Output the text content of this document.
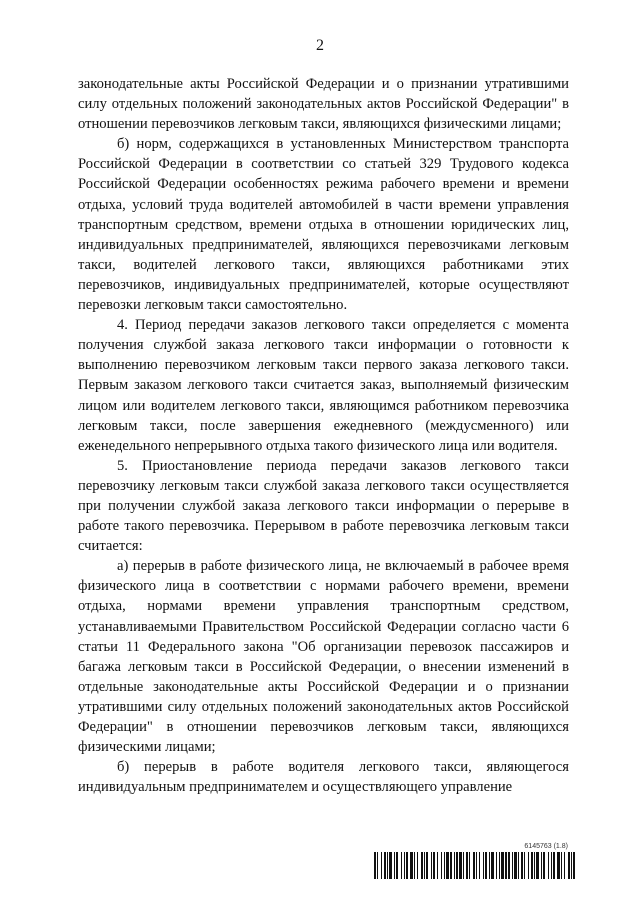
2

законодательные акты Российской Федерации и о признании утратившими силу отдельных положений законодательных актов Российской Федерации" в отношении перевозчиков легковым такси, являющихся физическими лицами;

б) норм, содержащихся в установленных Министерством транспорта Российской Федерации в соответствии со статьей 329 Трудового кодекса Российской Федерации особенностях режима рабочего времени и времени отдыха, условий труда водителей автомобилей в части времени управления транспортным средством, времени отдыха в отношении юридических лиц, индивидуальных предпринимателей, являющихся перевозчиками легковым такси, водителей легкового такси, являющихся работниками этих перевозчиков, индивидуальных предпринимателей, которые осуществляют перевозки легковым такси самостоятельно.

4. Период передачи заказов легкового такси определяется с момента получения службой заказа легкового такси информации о готовности к выполнению перевозчиком легковым такси первого заказа легкового такси. Первым заказом легкового такси считается заказ, выполняемый физическим лицом или водителем легкового такси, являющимся работником перевозчика легковым такси, после завершения ежедневного (междусменного) или еженедельного непрерывного отдыха такого физического лица или водителя.

5. Приостановление периода передачи заказов легкового такси перевозчику легковым такси службой заказа легкового такси осуществляется при получении службой заказа легкового такси информации о перерыве в работе такого перевозчика. Перерывом в работе перевозчика легковым такси считается:

а) перерыв в работе физического лица, не включаемый в рабочее время физического лица в соответствии с нормами рабочего времени, времени отдыха, нормами времени управления транспортным средством, устанавливаемыми Правительством Российской Федерации согласно части 6 статьи 11 Федерального закона "Об организации перевозок пассажиров и багажа легковым такси в Российской Федерации, о внесении изменений в отдельные законодательные акты Российской Федерации и о признании утратившими силу отдельных положений законодательных актов Российской Федерации" в отношении перевозчиков легковым такси, являющихся физическими лицами;

б) перерыв в работе водителя легкового такси, являющегося индивидуальным предпринимателем и осуществляющего управление

6145763 (1.8)
